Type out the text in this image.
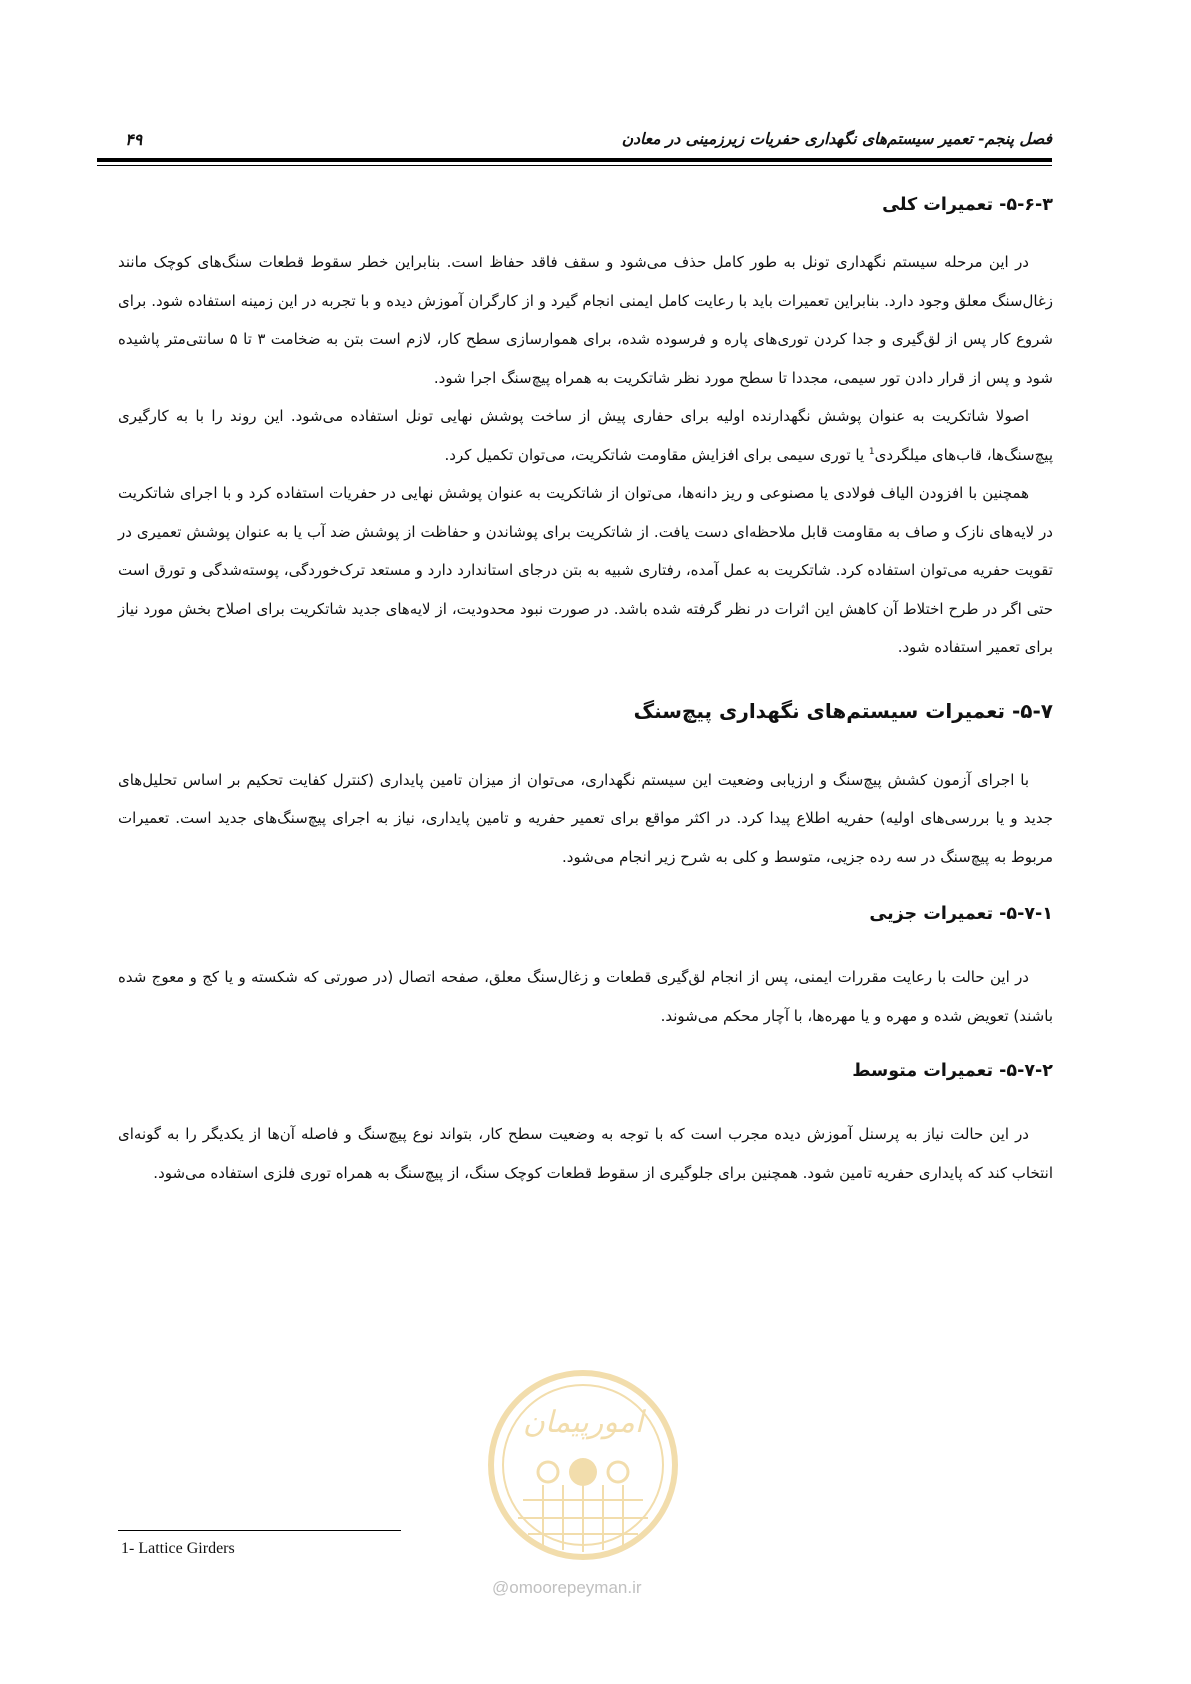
فصل پنجم- تعمیر سیستم‌های نگهداری حفریات زیرزمینی در معادن
۴۹
۵-۶-۳- تعمیرات کلی

در این مرحله سیستم نگهداری تونل به طور کامل حذف می‌شود و سقف فاقد حفاظ است. بنابراین خطر سقوط قطعات سنگ‌های کوچک مانند زغال‌سنگ معلق وجود دارد. بنابراین تعمیرات باید با رعایت کامل ایمنی انجام گیرد و از کارگران آموزش دیده و با تجربه در این زمینه استفاده شود. برای شروع کار پس از لق‌گیری و جدا کردن توری‌های پاره و فرسوده شده، برای هموارسازی سطح کار، لازم است بتن به ضخامت ۳ تا ۵ سانتی‌متر پاشیده شود و پس از قرار دادن تور سیمی، مجددا تا سطح مورد نظر شاتکریت به همراه پیچ‌سنگ اجرا شود.

اصولا شاتکریت به عنوان پوشش نگهدارنده اولیه برای حفاری پیش از ساخت پوشش نهایی تونل استفاده می‌شود. این روند را با به کارگیری پیچ‌سنگ‌ها، قاب‌های میلگردی$^1$ یا توری سیمی برای افزایش مقاومت شاتکریت، می‌توان تکمیل کرد.

همچنین با افزودن الیاف فولادی یا مصنوعی و ریز دانه‌ها، می‌توان از شاتکریت به عنوان پوشش نهایی در حفریات استفاده کرد و با اجرای شاتکریت در لایه‌های نازک و صاف به مقاومت قابل ملاحظه‌ای دست یافت. از شاتکریت برای پوشاندن و حفاظت از پوشش ضد آب یا به عنوان پوشش تعمیری در تقویت حفریه می‌توان استفاده کرد. شاتکریت به عمل آمده، رفتاری شبیه به بتن درجای استاندارد دارد و مستعد ترک‌خوردگی، پوسته‌شدگی و تورق است حتی اگر در طرح اختلاط آن کاهش این اثرات در نظر گرفته شده باشد. در صورت نبود محدودیت، از لایه‌های جدید شاتکریت برای اصلاح بخش مورد نیاز برای تعمیر استفاده شود.

۵-۷- تعمیرات سیستم‌های نگهداری پیچ‌سنگ

با اجرای آزمون کشش پیچ‌سنگ و ارزیابی وضعیت این سیستم نگهداری، می‌توان از میزان تامین پایداری (کنترل کفایت تحکیم بر اساس تحلیل‌های جدید و یا بررسی‌های اولیه) حفریه اطلاع پیدا کرد. در اکثر مواقع برای تعمیر حفریه و تامین پایداری، نیاز به اجرای پیچ‌سنگ‌های جدید است. تعمیرات مربوط به پیچ‌سنگ در سه رده جزیی، متوسط و کلی به شرح زیر انجام می‌شود.

۵-۷-۱- تعمیرات جزیی

در این حالت با رعایت مقررات ایمنی، پس از انجام لق‌گیری قطعات و زغال‌سنگ معلق، صفحه اتصال (در صورتی که شکسته و یا کج و معوج شده باشند) تعویض شده و مهره و یا مهره‌ها، با آچار محکم می‌شوند.

۵-۷-۲- تعمیرات متوسط

در این حالت نیاز به پرسنل آموزش دیده مجرب است که با توجه به وضعیت سطح کار، بتواند نوع پیچ‌سنگ و فاصله آن‌ها از یکدیگر را به گونه‌ای انتخاب کند که پایداری حفریه تامین شود. همچنین برای جلوگیری از سقوط قطعات کوچک سنگ، از پیچ‌سنگ به همراه توری فلزی استفاده می‌شود.

امورپیمان
@omoorepeyman.ir
1- Lattice Girders
